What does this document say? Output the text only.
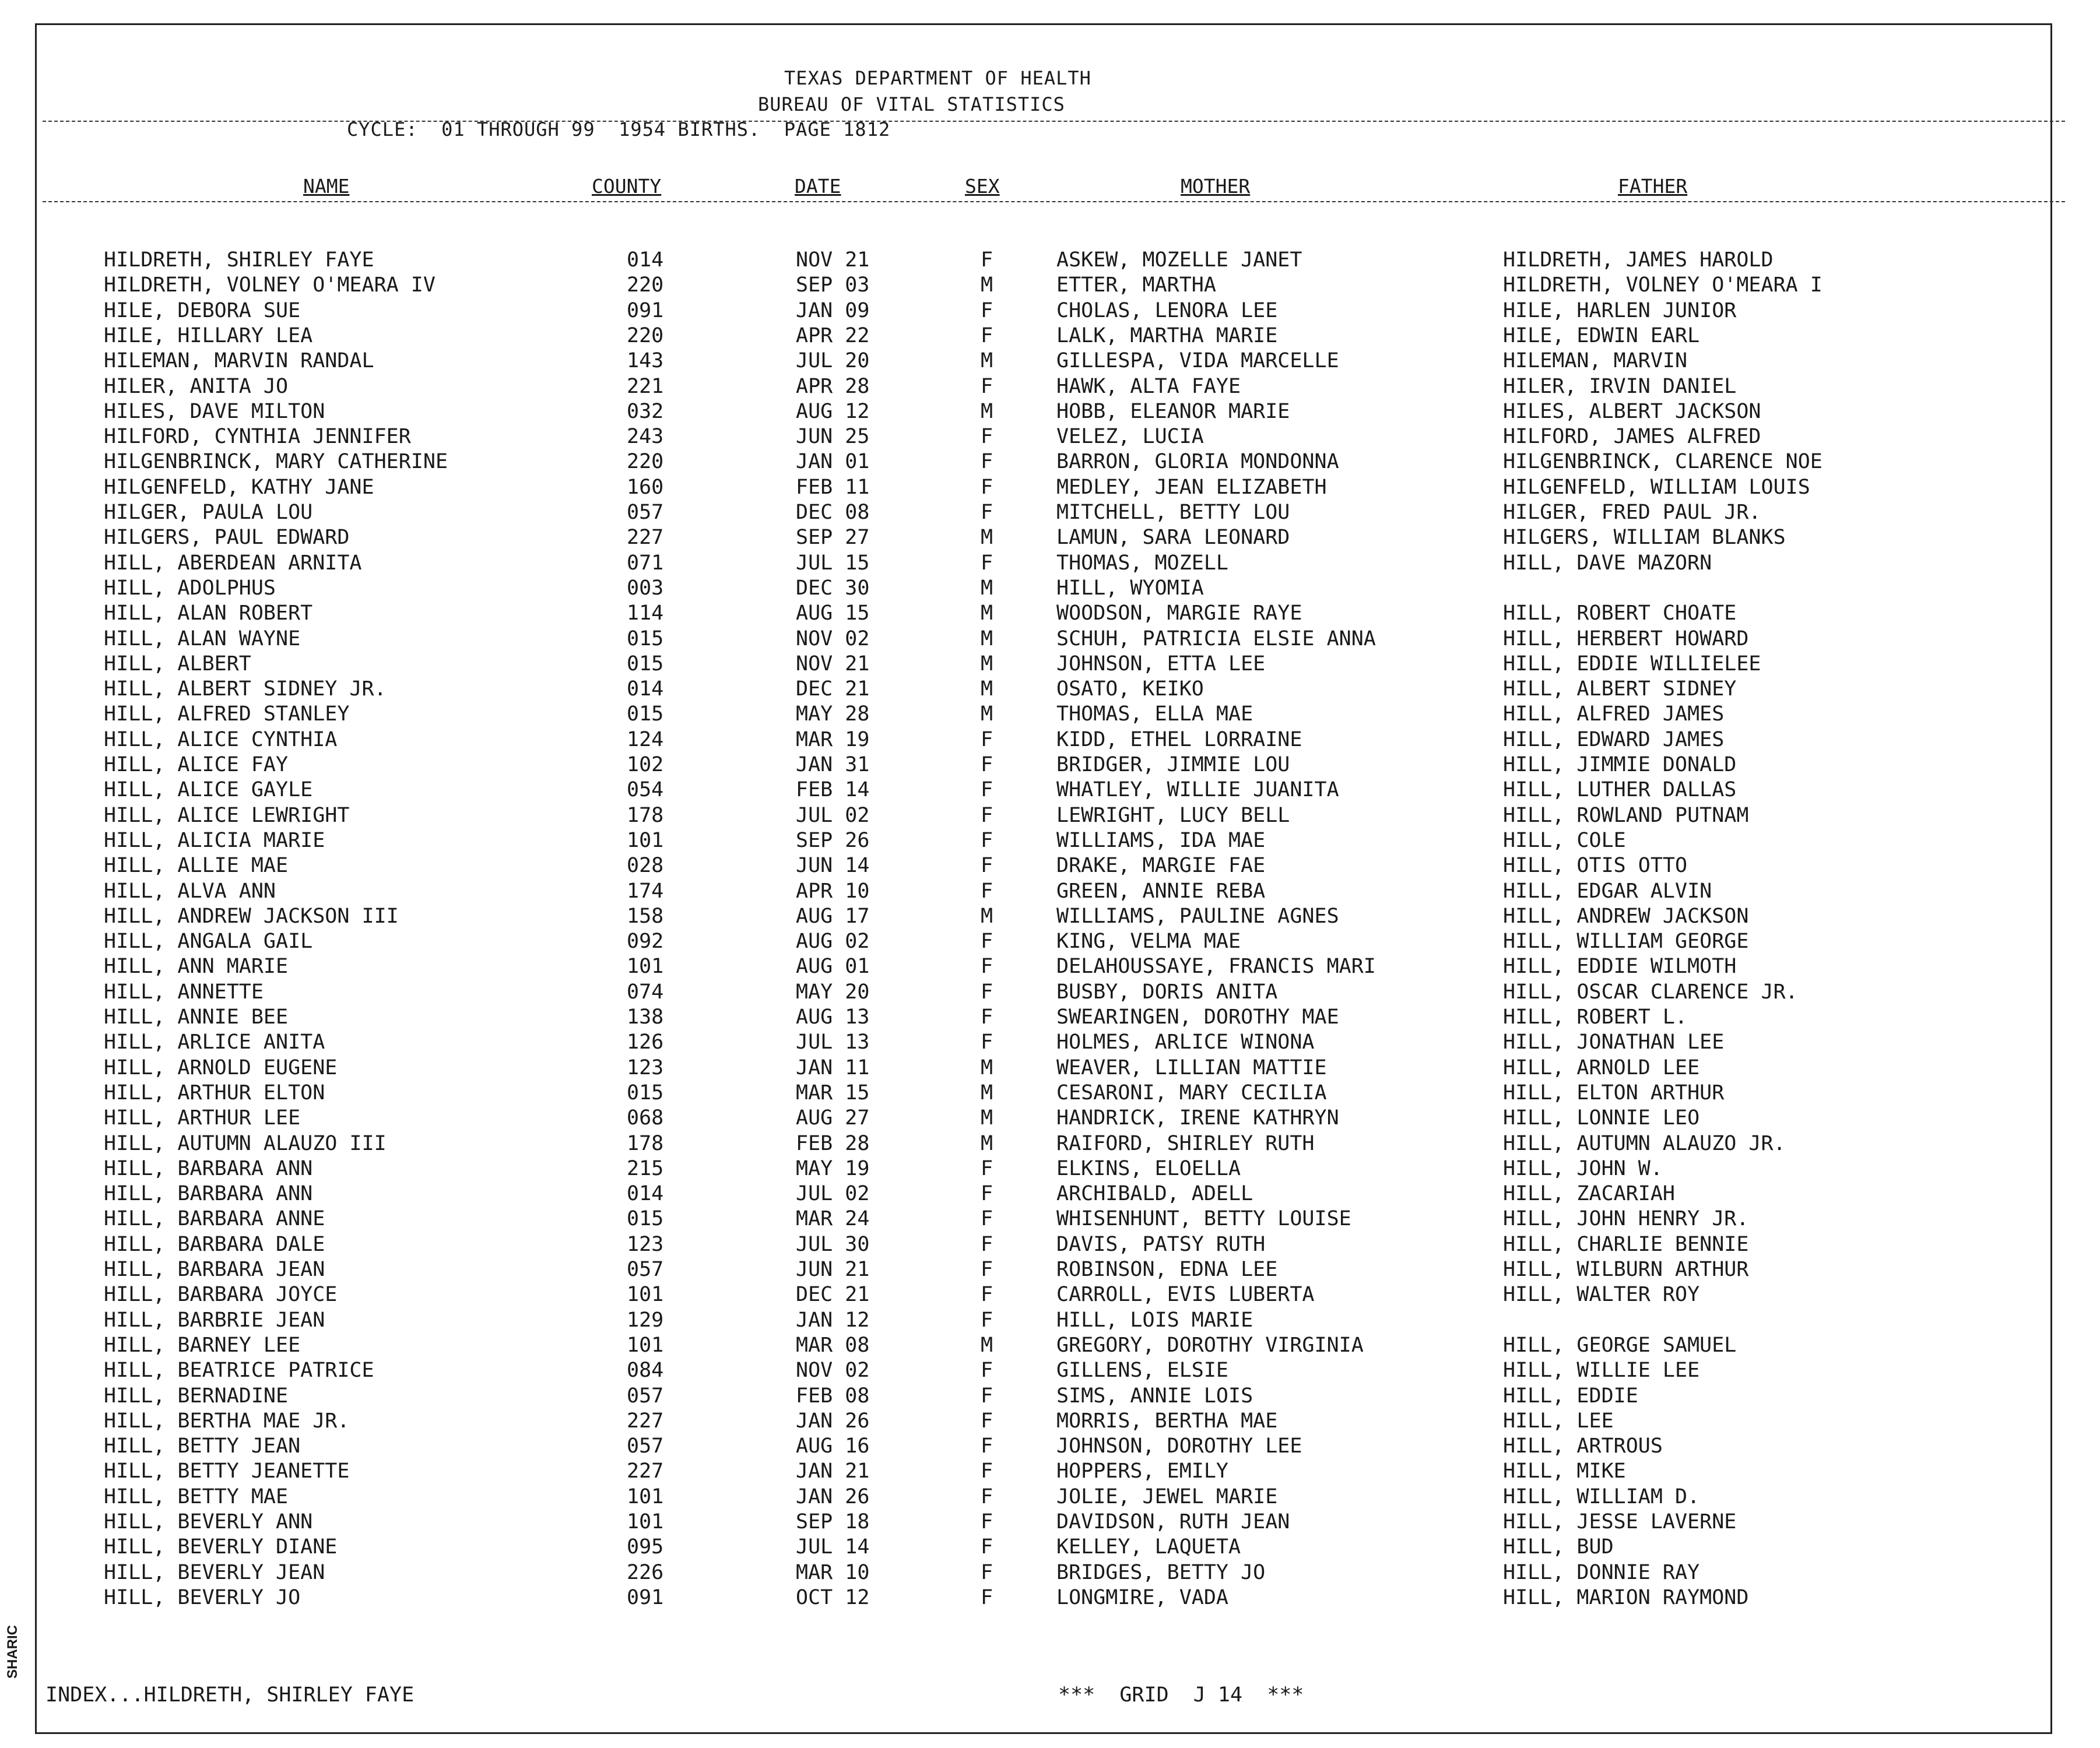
TEXAS DEPARTMENT OF HEALTH
BUREAU OF VITAL STATISTICS
CYCLE:  01 THROUGH 99  1954 BIRTHS.  PAGE 1812
NAME	COUNTY	DATE	SEX	MOTHER	FATHER
HILDRETH, SHIRLEY FAYE	014	NOV 21	F	ASKEW, MOZELLE JANET	HILDRETH, JAMES HAROLD
HILDRETH, VOLNEY O'MEARA IV	220	SEP 03	M	ETTER, MARTHA	HILDRETH, VOLNEY O'MEARA I
HILE, DEBORA SUE	091	JAN 09	F	CHOLAS, LENORA LEE	HILE, HARLEN JUNIOR
HILE, HILLARY LEA	220	APR 22	F	LALK, MARTHA MARIE	HILE, EDWIN EARL
HILEMAN, MARVIN RANDAL	143	JUL 20	M	GILLESPA, VIDA MARCELLE	HILEMAN, MARVIN
HILER, ANITA JO	221	APR 28	F	HAWK, ALTA FAYE	HILER, IRVIN DANIEL
HILES, DAVE MILTON	032	AUG 12	M	HOBB, ELEANOR MARIE	HILES, ALBERT JACKSON
HILFORD, CYNTHIA JENNIFER	243	JUN 25	F	VELEZ, LUCIA	HILFORD, JAMES ALFRED
HILGENBRINCK, MARY CATHERINE	220	JAN 01	F	BARRON, GLORIA MONDONNA	HILGENBRINCK, CLARENCE NOE
HILGENFELD, KATHY JANE	160	FEB 11	F	MEDLEY, JEAN ELIZABETH	HILGENFELD, WILLIAM LOUIS
HILGER, PAULA LOU	057	DEC 08	F	MITCHELL, BETTY LOU	HILGER, FRED PAUL JR.
HILGERS, PAUL EDWARD	227	SEP 27	M	LAMUN, SARA LEONARD	HILGERS, WILLIAM BLANKS
HILL, ABERDEAN ARNITA	071	JUL 15	F	THOMAS, MOZELL	HILL, DAVE MAZORN
HILL, ADOLPHUS	003	DEC 30	M	HILL, WYOMIA
HILL, ALAN ROBERT	114	AUG 15	M	WOODSON, MARGIE RAYE	HILL, ROBERT CHOATE
HILL, ALAN WAYNE	015	NOV 02	M	SCHUH, PATRICIA ELSIE ANNA	HILL, HERBERT HOWARD
HILL, ALBERT	015	NOV 21	M	JOHNSON, ETTA LEE	HILL, EDDIE WILLIELEE
HILL, ALBERT SIDNEY JR.	014	DEC 21	M	OSATO, KEIKO	HILL, ALBERT SIDNEY
HILL, ALFRED STANLEY	015	MAY 28	M	THOMAS, ELLA MAE	HILL, ALFRED JAMES
HILL, ALICE CYNTHIA	124	MAR 19	F	KIDD, ETHEL LORRAINE	HILL, EDWARD JAMES
HILL, ALICE FAY	102	JAN 31	F	BRIDGER, JIMMIE LOU	HILL, JIMMIE DONALD
HILL, ALICE GAYLE	054	FEB 14	F	WHATLEY, WILLIE JUANITA	HILL, LUTHER DALLAS
HILL, ALICE LEWRIGHT	178	JUL 02	F	LEWRIGHT, LUCY BELL	HILL, ROWLAND PUTNAM
HILL, ALICIA MARIE	101	SEP 26	F	WILLIAMS, IDA MAE	HILL, COLE
HILL, ALLIE MAE	028	JUN 14	F	DRAKE, MARGIE FAE	HILL, OTIS OTTO
HILL, ALVA ANN	174	APR 10	F	GREEN, ANNIE REBA	HILL, EDGAR ALVIN
HILL, ANDREW JACKSON III	158	AUG 17	M	WILLIAMS, PAULINE AGNES	HILL, ANDREW JACKSON
HILL, ANGALA GAIL	092	AUG 02	F	KING, VELMA MAE	HILL, WILLIAM GEORGE
HILL, ANN MARIE	101	AUG 01	F	DELAHOUSSAYE, FRANCIS MARI	HILL, EDDIE WILMOTH
HILL, ANNETTE	074	MAY 20	F	BUSBY, DORIS ANITA	HILL, OSCAR CLARENCE JR.
HILL, ANNIE BEE	138	AUG 13	F	SWEARINGEN, DOROTHY MAE	HILL, ROBERT L.
HILL, ARLICE ANITA	126	JUL 13	F	HOLMES, ARLICE WINONA	HILL, JONATHAN LEE
HILL, ARNOLD EUGENE	123	JAN 11	M	WEAVER, LILLIAN MATTIE	HILL, ARNOLD LEE
HILL, ARTHUR ELTON	015	MAR 15	M	CESARONI, MARY CECILIA	HILL, ELTON ARTHUR
HILL, ARTHUR LEE	068	AUG 27	M	HANDRICK, IRENE KATHRYN	HILL, LONNIE LEO
HILL, AUTUMN ALAUZO III	178	FEB 28	M	RAIFORD, SHIRLEY RUTH	HILL, AUTUMN ALAUZO JR.
HILL, BARBARA ANN	215	MAY 19	F	ELKINS, ELOELLA	HILL, JOHN W.
HILL, BARBARA ANN	014	JUL 02	F	ARCHIBALD, ADELL	HILL, ZACARIAH
HILL, BARBARA ANNE	015	MAR 24	F	WHISENHUNT, BETTY LOUISE	HILL, JOHN HENRY JR.
HILL, BARBARA DALE	123	JUL 30	F	DAVIS, PATSY RUTH	HILL, CHARLIE BENNIE
HILL, BARBARA JEAN	057	JUN 21	F	ROBINSON, EDNA LEE	HILL, WILBURN ARTHUR
HILL, BARBARA JOYCE	101	DEC 21	F	CARROLL, EVIS LUBERTA	HILL, WALTER ROY
HILL, BARBRIE JEAN	129	JAN 12	F	HILL, LOIS MARIE
HILL, BARNEY LEE	101	MAR 08	M	GREGORY, DOROTHY VIRGINIA	HILL, GEORGE SAMUEL
HILL, BEATRICE PATRICE	084	NOV 02	F	GILLENS, ELSIE	HILL, WILLIE LEE
HILL, BERNADINE	057	FEB 08	F	SIMS, ANNIE LOIS	HILL, EDDIE
HILL, BERTHA MAE JR.	227	JAN 26	F	MORRIS, BERTHA MAE	HILL, LEE
HILL, BETTY JEAN	057	AUG 16	F	JOHNSON, DOROTHY LEE	HILL, ARTROUS
HILL, BETTY JEANETTE	227	JAN 21	F	HOPPERS, EMILY	HILL, MIKE
HILL, BETTY MAE	101	JAN 26	F	JOLIE, JEWEL MARIE	HILL, WILLIAM D.
HILL, BEVERLY ANN	101	SEP 18	F	DAVIDSON, RUTH JEAN	HILL, JESSE LAVERNE
HILL, BEVERLY DIANE	095	JUL 14	F	KELLEY, LAQUETA	HILL, BUD
HILL, BEVERLY JEAN	226	MAR 10	F	BRIDGES, BETTY JO	HILL, DONNIE RAY
HILL, BEVERLY JO	091	OCT 12	F	LONGMIRE, VADA	HILL, MARION RAYMOND
INDEX...HILDRETH, SHIRLEY FAYE	***  GRID  J 14  ***
SHARIC
